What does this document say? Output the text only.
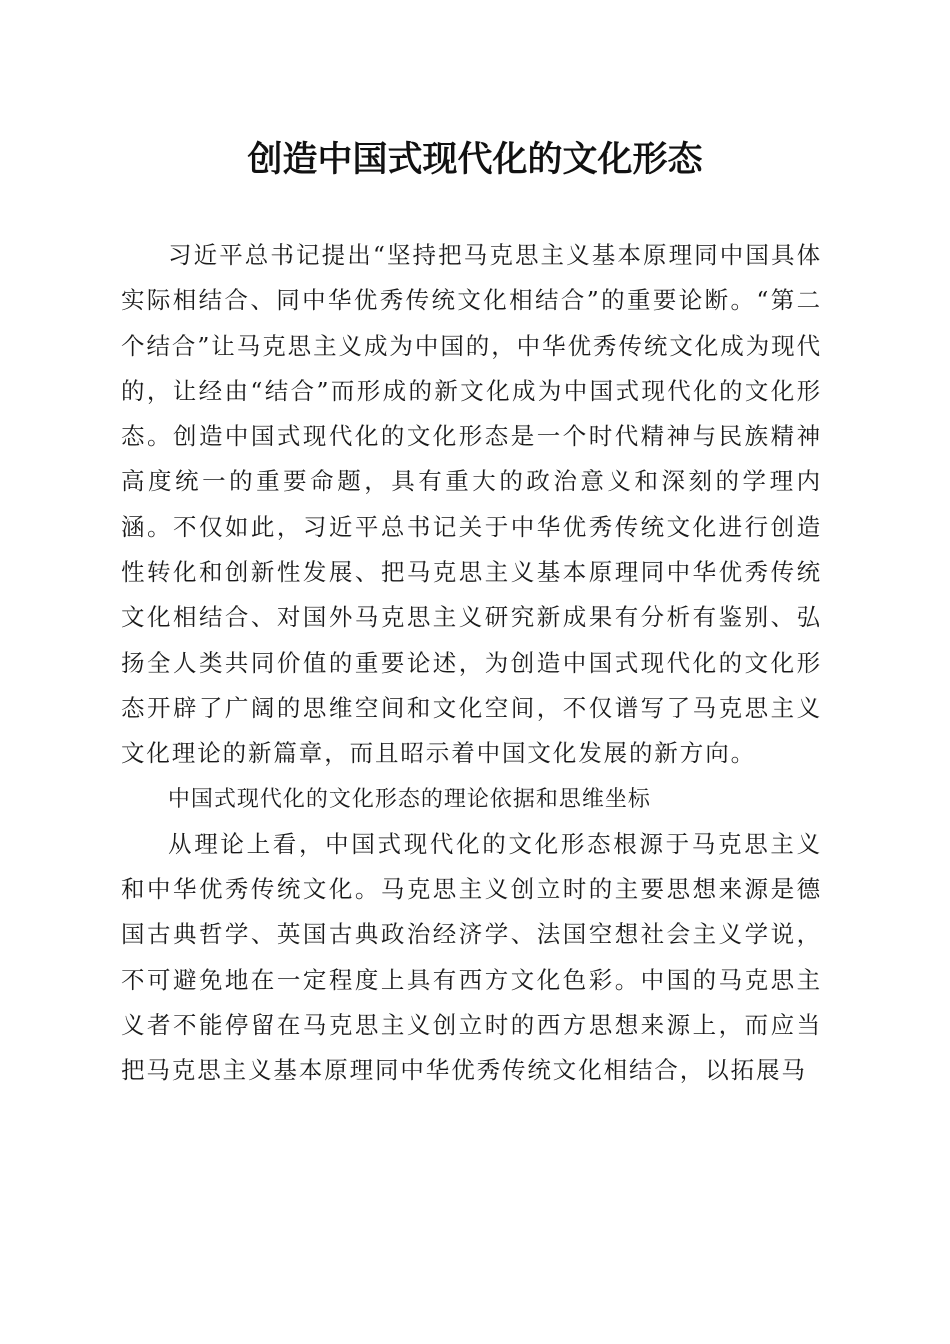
创造中国式现代化的文化形态

习近平总书记提出“坚持把马克思主义基本原理同中国具体实际相结合、同中华优秀传统文化相结合”的重要论断。“第二个结合”让马克思主义成为中国的，中华优秀传统文化成为现代的，让经由“结合”而形成的新文化成为中国式现代化的文化形态。创造中国式现代化的文化形态是一个时代精神与民族精神高度统一的重要命题，具有重大的政治意义和深刻的学理内涵。不仅如此，习近平总书记关于中华优秀传统文化进行创造性转化和创新性发展、把马克思主义基本原理同中华优秀传统文化相结合、对国外马克思主义研究新成果有分析有鉴别、弘扬全人类共同价值的重要论述，为创造中国式现代化的文化形态开辟了广阔的思维空间和文化空间，不仅谱写了马克思主义文化理论的新篇章，而且昭示着中国文化发展的新方向。

中国式现代化的文化形态的理论依据和思维坐标

从理论上看，中国式现代化的文化形态根源于马克思主义和中华优秀传统文化。马克思主义创立时的主要思想来源是德国古典哲学、英国古典政治经济学、法国空想社会主义学说，不可避免地在一定程度上具有西方文化色彩。中国的马克思主义者不能停留在马克思主义创立时的西方思想来源上，而应当把马克思主义基本原理同中华优秀传统文化相结合，以拓展马
